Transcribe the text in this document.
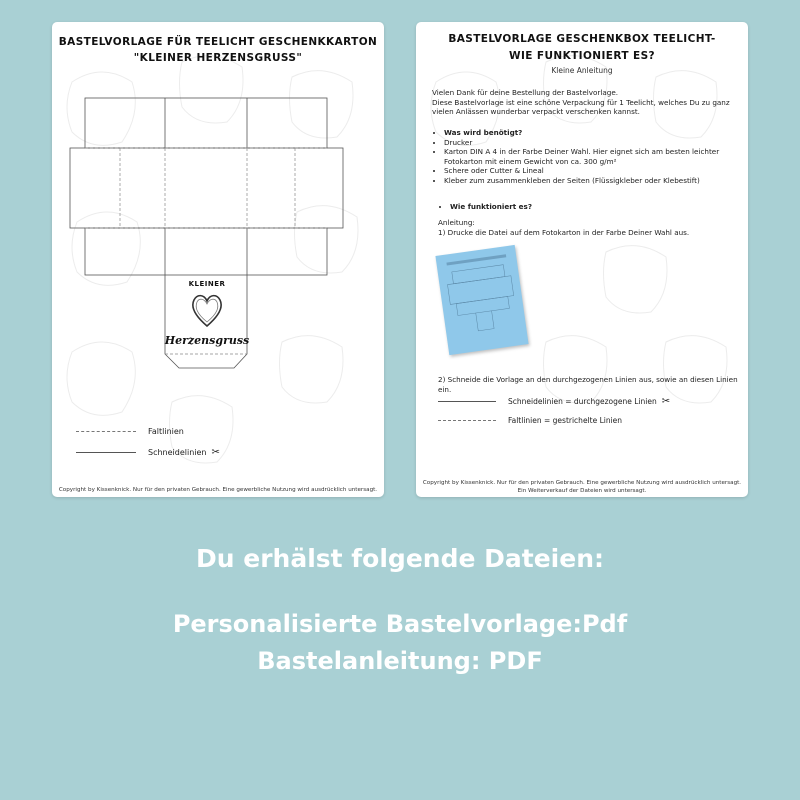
BASTELVORLAGE FÜR TEELICHT GESCHENKKARTON
"KLEINER HERZENSGRUSS"
KLEINER
Herzensgruss
Faltlinien
Schneidelinien ✂
Copyright by Kissenknick. Nur für den privaten Gebrauch. Eine gewerbliche Nutzung wird ausdrücklich untersagt.
BASTELVORLAGE GESCHENKBOX TEELICHT-
WIE FUNKTIONIERT ES?
Kleine Anleitung

Vielen Dank für deine Bestellung der Bastelvorlage.

Diese Bastelvorlage ist eine schöne Verpackung für 1 Teelicht, welches Du zu ganz vielen Anlässen wunderbar verpackt verschenken kannst.

• Was wird benötigt?
• Drucker
• Karton DIN A 4 in der Farbe Deiner Wahl. Hier eignet sich am besten leichter Fotokarton mit einem Gewicht von ca. 300 g/m²
• Schere oder Cutter & Lineal
• Kleber zum zusammenkleben der Seiten (Flüssigkleber oder Klebestift)
• Wie funktioniert es?

Anleitung:

1) Drucke die Datei auf dem Fotokarton in der Farbe Deiner Wahl aus.

2) Schneide die Vorlage an den durchgezogenen Linien aus, sowie an diesen Linien ein.
Schneidelinien = durchgezogene Linien ✂
Faltlinien = gestrichelte Linien
Copyright by Kissenknick. Nur für den privaten Gebrauch. Eine gewerbliche Nutzung wird ausdrücklich untersagt.
Ein Weiterverkauf der Dateien wird untersagt.
Du erhälst folgende Dateien:
Personalisierte Bastelvorlage:Pdf
Bastelanleitung: PDF
